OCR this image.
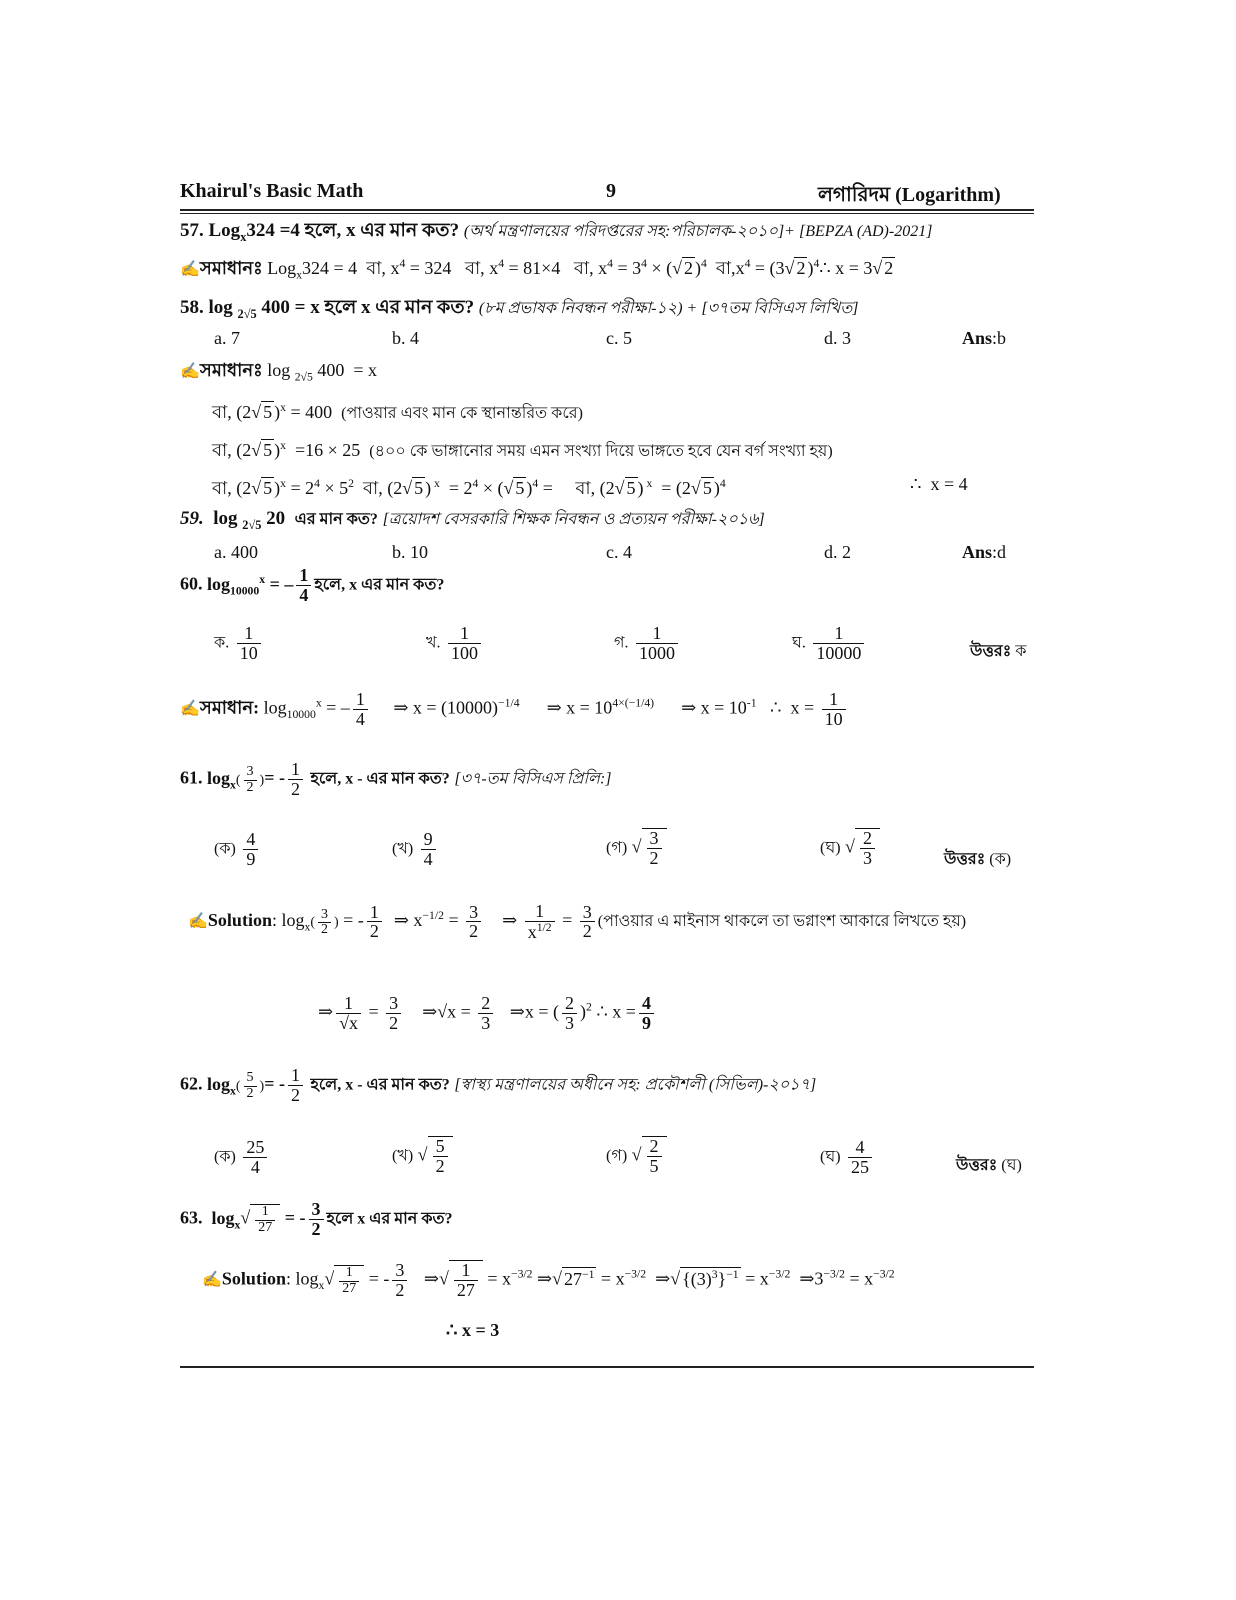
Khairul's Basic Math	9	লগারিদম (Logarithm)
57. Log$_x$324 =4 হলে, x এর মান কত? (অর্থ মন্ত্রণালয়ের পরিদপ্তরের সহ:পরিচালক-২০১০]+ [BEPZA (AD)-2021]
✍সমাধানঃ Log$_x$324 = 4  বা, $x^4 = 324$   বা, $x^4 = 81\times 4$   বা, $x^4 = 3^4$ × (√ 2 )$^4$ $বা,x^4 = (3√$ 2 )$^4$∴ x = 3√ 2
58. log $_{2√5}$ 400 = x হলে x এর মান কত? (৮ম প্রভাষক নিবন্ধন পরীক্ষা-১২) + [৩৭তম বিসিএস লিখিত]
a. 7	b. 4	c. 5	d. 3	Ans:b
✍সমাধানঃ log $_{2√5}$ 400  = x
বা, (2√ 5 )$^x$ = 400  (পাওয়ার এবং মান কে স্থানান্তরিত করে)
বা, (2√ 5 )$^x$  =16 × 25  (৪০০ কে ভাঙ্গানোর সময় এমন সংখ্যা দিয়ে ভাঙ্গতে হবে যেন বর্গ সংখ্যা হয়)
বা, (2√ 5 )$^x = 2^4 \times 5^2$ বা, (2√ 5 ) $^x = 2^4$ × (√ 5 )$^4$ =     বা, (2√ 5 ) $^x$  = (2√ 5 )$^4$	∴  x = 4
59.  log $_{2√5}$ 20  এর মান কত? [ত্রয়োদশ বেসরকারি শিক্ষক নিবন্ধন ও প্রত্যয়ন পরীক্ষা-২০১৬]
a. 400	b. 10	c. 4	d. 2	Ans:d
60. $\log_{10000}^x$ = – $\frac{1}{4}$ হলে, x এর মান কত?
ক. $\frac{1}{10}$	খ. $\frac{1}{100}$	গ. $\frac{1}{1000}$	ঘ. $\frac{1}{10000}$	উত্তরঃ ক
✍সমাধান: $\log_{10000}^x$ = – $\frac{1}{4}$ ⇒ $x = (10000)^{-1/4}$      ⇒ $x = 10^{4\times(-1/4)}$      ⇒ $x = 10^{-1}$   ∴  $x = \frac{1}{10}$
61. $\log_x( \frac{3}{2}$ )= - $\frac{1}{2}$ হলে, x - এর মান কত? [৩৭-তম বিসিএস প্রিলি:]
(ক) $\frac{4}{9}$	(খ) $\frac{9}{4}$	(গ) √ $\frac{3}{2}$	(ঘ) √ $\frac{2}{3}$	উত্তরঃ (ক)
✍Solution: $\log_x( \frac{3}{2}$ ) = - $\frac{1}{2}$ ⇒ $x^{-1/2} = \frac{3}{2}$ ⇒ $\frac{1}{x^{1/2}} = \frac{3}{2}$ (পাওয়ার এ মাইনাস থাকলে তা ভগ্নাংশ আকারে লিখতে হয়)
⇒ $\frac{1}{√x} = \frac{3}{2}$ ⇒√x = $\frac{2}{3}$ ⇒x = ( $\frac{2}{3} )^2$ ∴ $x = \frac{4}{9}$
62. $\log_x( \frac{5}{2}$ )= - $\frac{1}{2}$ হলে, x - এর মান কত? [স্বাস্থ্য মন্ত্রণালয়ের অধীনে সহ: প্রকৌশলী (সিভিল)-২০১৭]
(ক) $\frac{25}{4}$	(খ) √ $\frac{5}{2}$	(গ) √ $\frac{2}{5}$	(ঘ) $\frac{4}{25}$	উত্তরঃ (ঘ)
63.  $\log_x√ \frac{1}{27}$ = - $\frac{3}{2}$ হলে x এর মান কত?
✍Solution: $\log_x√ \frac{1}{27}$ = - $\frac{3}{2}$ ⇒√ $\frac{1}{27} = x^{-3/2}$ ⇒√ $27^{-1} = x^{-3/2}$  ⇒√ $\{(3)^3\}^{-1} = x^{-3/2}$  $\Rightarrow 3^{-3/2} = x^{-3/2}$
∴ x = 3
